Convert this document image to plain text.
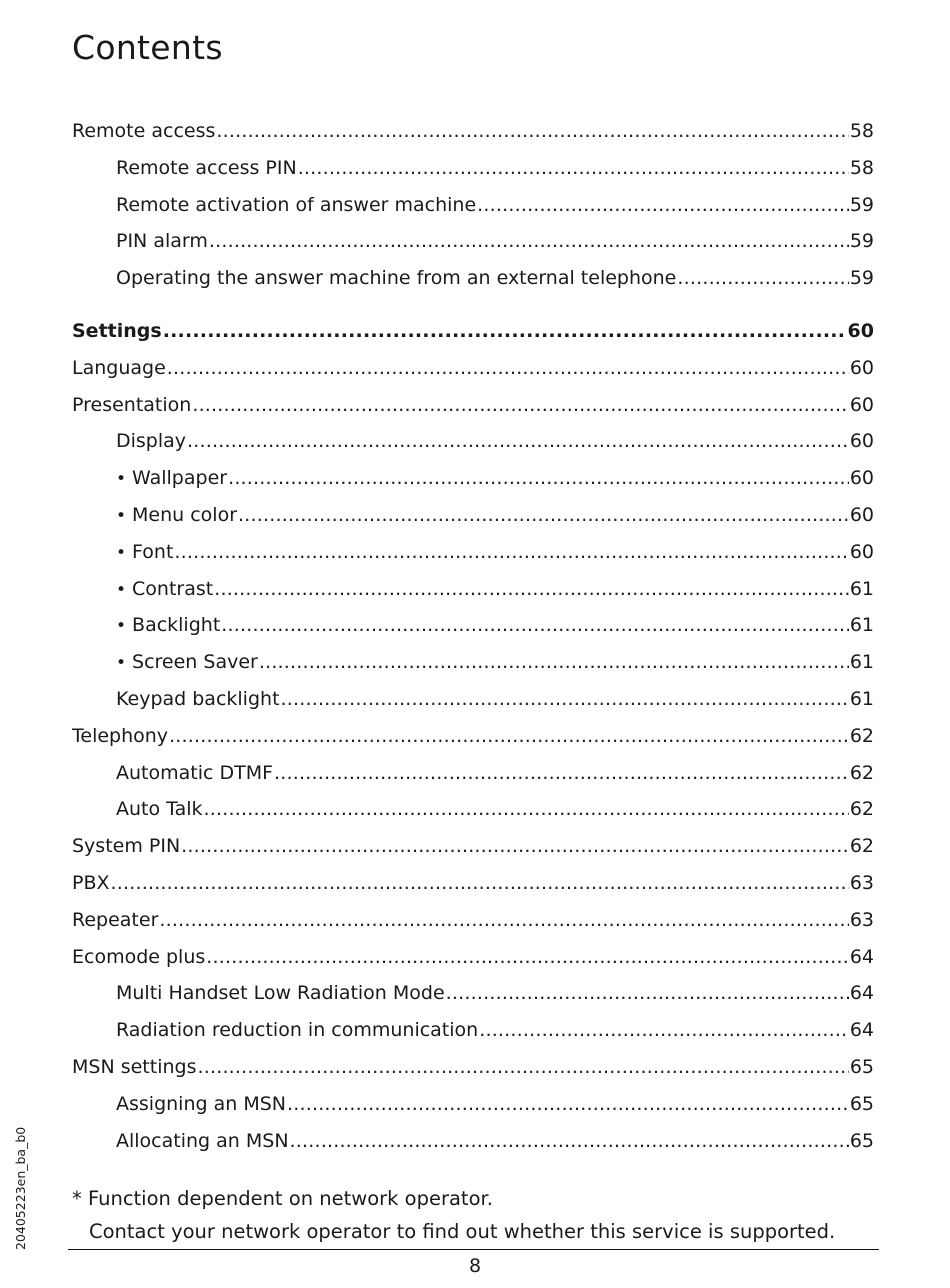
Contents
Remote access .....	58
Remote access PIN .....	58
Remote activation of answer machine .....	59
PIN alarm .....	59
Operating the answer machine from an external telephone .....	59
Settings .....	60
Language .....	60
Presentation .....	60
Display .....	60
• Wallpaper .....	60
• Menu color .....	60
• Font .....	60
• Contrast .....	61
• Backlight .....	61
• Screen Saver .....	61
Keypad backlight .....	61
Telephony .....	62
Automatic DTMF .....	62
Auto Talk .....	62
System PIN .....	62
PBX .....	63
Repeater .....	63
Ecomode plus .....	64
Multi Handset Low Radiation Mode .....	64
Radiation reduction in communication .....	64
MSN settings .....	65
Assigning an MSN .....	65
Allocating an MSN .....	65
* Function dependent on network operator.
Contact your network operator to find out whether this service is supported.
8
20405223en_ba_b0
